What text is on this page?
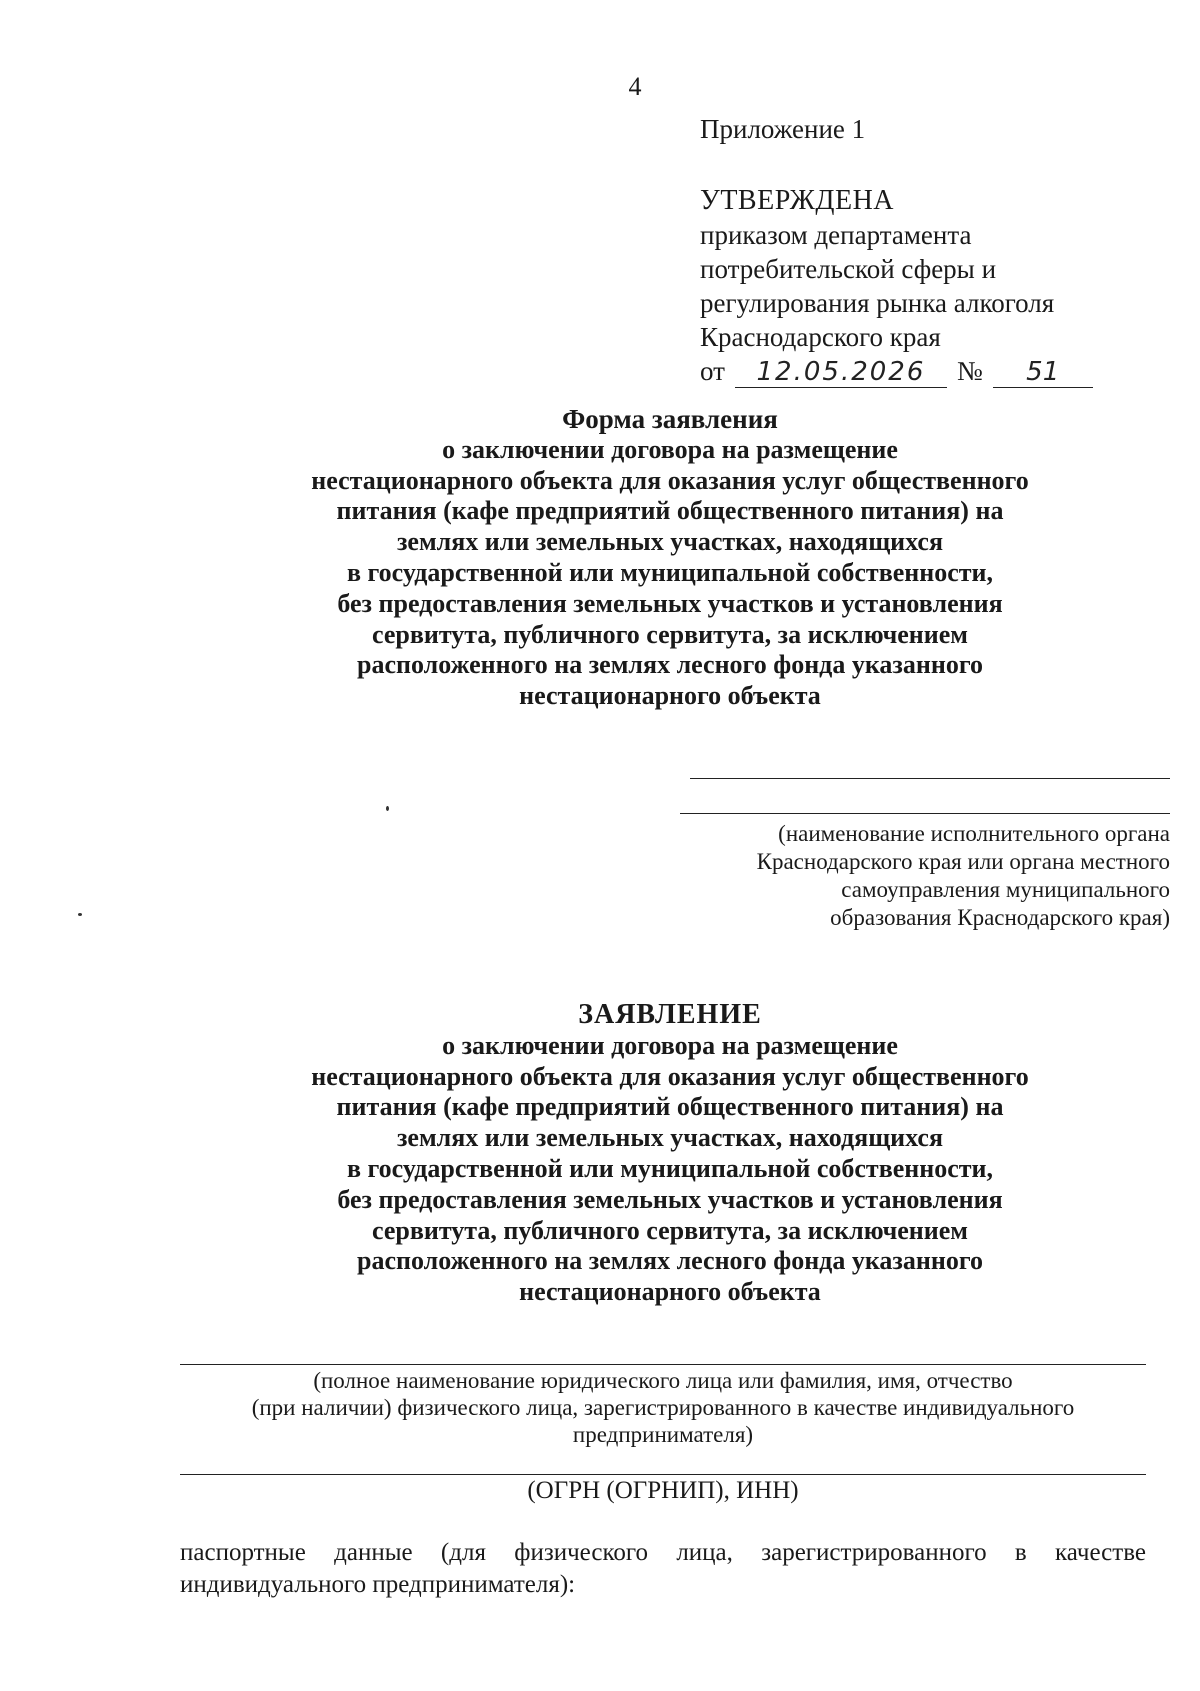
4
Приложение 1
УТВЕРЖДЕНА
приказом департамента
потребительской сферы и
регулирования рынка алкоголя
Краснодарского края
от	12.05.2026	№	51
Форма заявления
о заключении договора на размещение
нестационарного объекта для оказания услуг общественного
питания (кафе предприятий общественного питания) на
землях или земельных участках, находящихся
в государственной или муниципальной собственности,
без предоставления земельных участков и установления
сервитута, публичного сервитута, за исключением
расположенного на землях лесного фонда указанного
нестационарного объекта
(наименование исполнительного органа
Краснодарского края или органа местного
самоуправления муниципального
образования Краснодарского края)
ЗАЯВЛЕНИЕ
о заключении договора на размещение
нестационарного объекта для оказания услуг общественного
питания (кафе предприятий общественного питания) на
землях или земельных участках, находящихся
в государственной или муниципальной собственности,
без предоставления земельных участков и установления
сервитута, публичного сервитута, за исключением
расположенного на землях лесного фонда указанного
нестационарного объекта
(полное наименование юридического лица или фамилия, имя, отчество
(при наличии) физического лица, зарегистрированного в качестве индивидуального
предпринимателя)
(ОГРН (ОГРНИП), ИНН)
паспортные данные (для физического лица, зарегистрированного в качестве
индивидуального предпринимателя):
